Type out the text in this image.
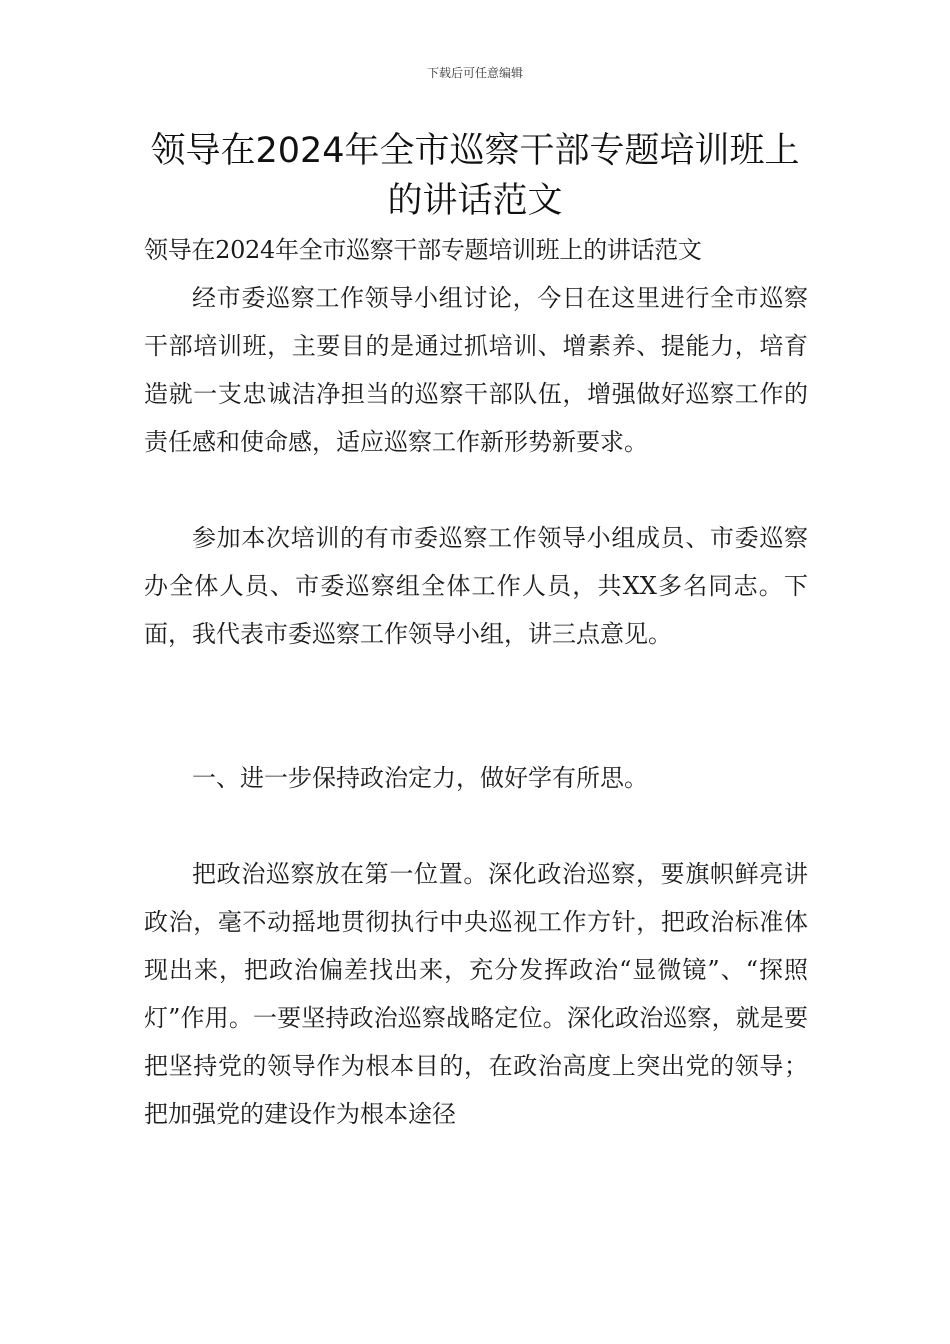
下载后可任意编辑
领导在2024年全市巡察干部专题培训班上
的讲话范文

领导在2024年全市巡察干部专题培训班上的讲话范文

经市委巡察工作领导小组讨论，今日在这里进行全市巡察干部培训班，主要目的是通过抓培训、增素养、提能力，培育造就一支忠诚洁净担当的巡察干部队伍，增强做好巡察工作的责任感和使命感，适应巡察工作新形势新要求。

参加本次培训的有市委巡察工作领导小组成员、市委巡察办全体人员、市委巡察组全体工作人员，共XX多名同志。下面，我代表市委巡察工作领导小组，讲三点意见。

一、进一步保持政治定力，做好学有所思。

把政治巡察放在第一位置。深化政治巡察，要旗帜鲜亮讲政治，毫不动摇地贯彻执行中央巡视工作方针，把政治标准体现出来，把政治偏差找出来，充分发挥政治“显微镜”、“探照灯”作用。一要坚持政治巡察战略定位。深化政治巡察，就是要把坚持党的领导作为根本目的，在政治高度上突出党的领导；把加强党的建设作为根本途径
